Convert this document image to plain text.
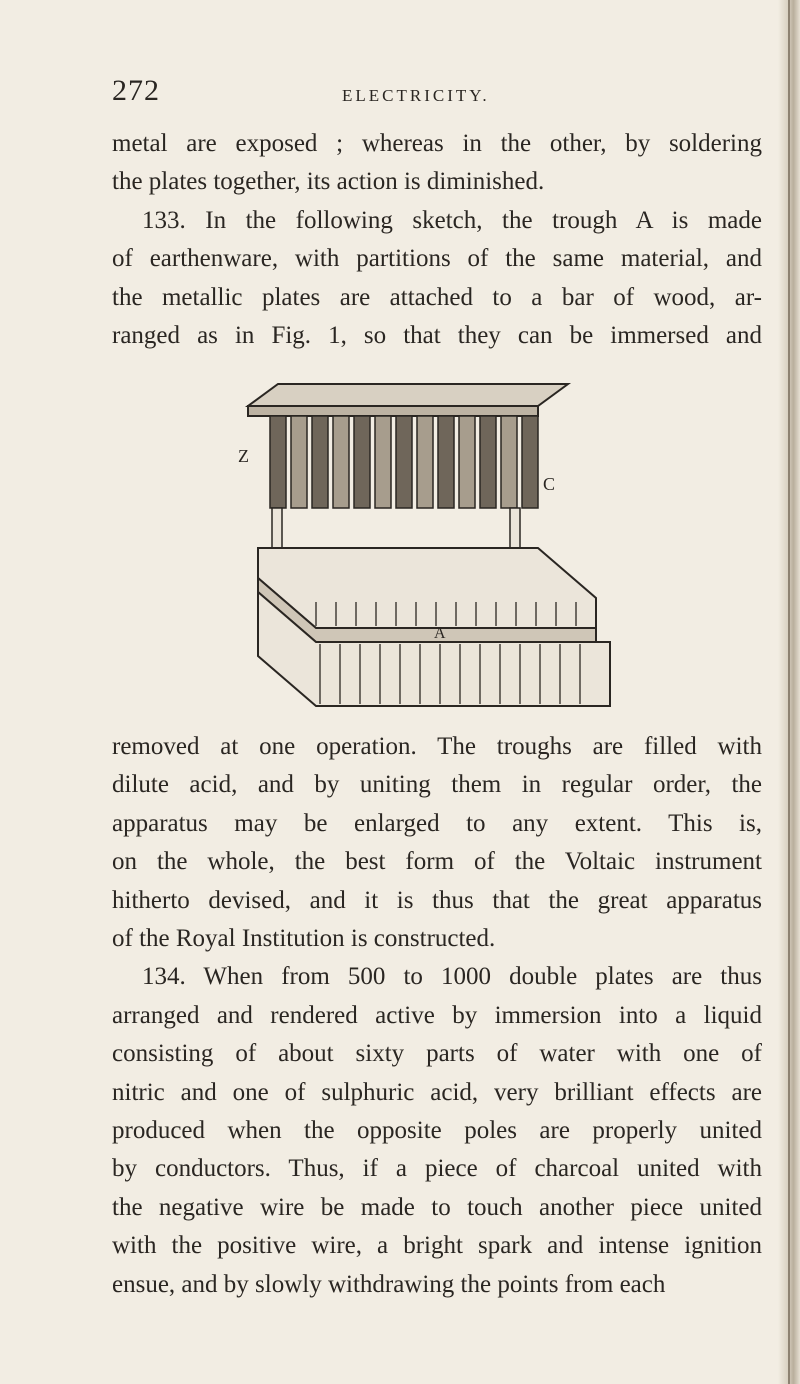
272	ELECTRICITY.

metal are exposed ; whereas in the other, by soldering

the plates together, its action is diminished.

133. In the following sketch, the trough A is made

of earthenware, with partitions of the same material, and

the metallic plates are attached to a bar of wood, ar-

ranged as in Fig. 1, so that they can be immersed and

Z
C
A

removed at one operation. The troughs are filled with

dilute acid, and by uniting them in regular order, the

apparatus may be enlarged to any extent. This is,

on the whole, the best form of the Voltaic instrument

hitherto devised, and it is thus that the great apparatus

of the Royal Institution is constructed.

134. When from 500 to 1000 double plates are thus

arranged and rendered active by immersion into a liquid

consisting of about sixty parts of water with one of

nitric and one of sulphuric acid, very brilliant effects are

produced when the opposite poles are properly united

by conductors. Thus, if a piece of charcoal united with

the negative wire be made to touch another piece united

with the positive wire, a bright spark and intense ignition

ensue, and by slowly withdrawing the points from each
